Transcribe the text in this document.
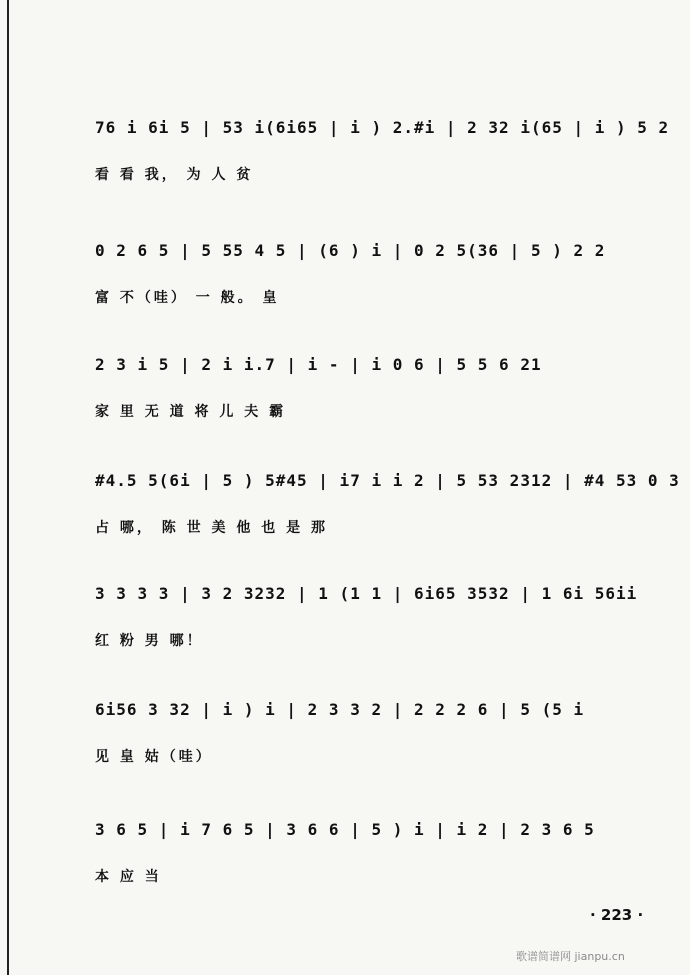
76 i 6i 5 | 53 i(6i65 | i ) 2.#i | 2 32 i(65 | i ) 5 2
看 看 我， 为 人 贫
0 2 6 5 | 5 55 4 5 | (6 ) i | 0 2 5(36 | 5 ) 2 2
富 不（哇） 一 般。 皇
2 3 i 5 | 2 i i.7 | i - | i 0 6 | 5 5 6 21
家 里 无 道 将 儿 夫 霸
#4.5 5(6i | 5 ) 5#45 | i7 i i 2 | 5 53 2312 | #4 53 0 3
占 哪， 陈 世 美 他 也 是 那
3 3 3 3 | 3 2 3232 | 1 (1 1 | 6i65 3532 | 1 6i 56ii
红 粉 男 哪！
6i56 3 32 | i ) i | 2 3 3 2 | 2 2 2 6 | 5 (5 i
见 皇 姑（哇）
3 6 5 | i 7 6 5 | 3 6 6 | 5 ) i | i 2 | 2 3 6 5
本 应 当
· 223 ·
歌谱简谱网 jianpu.cn
